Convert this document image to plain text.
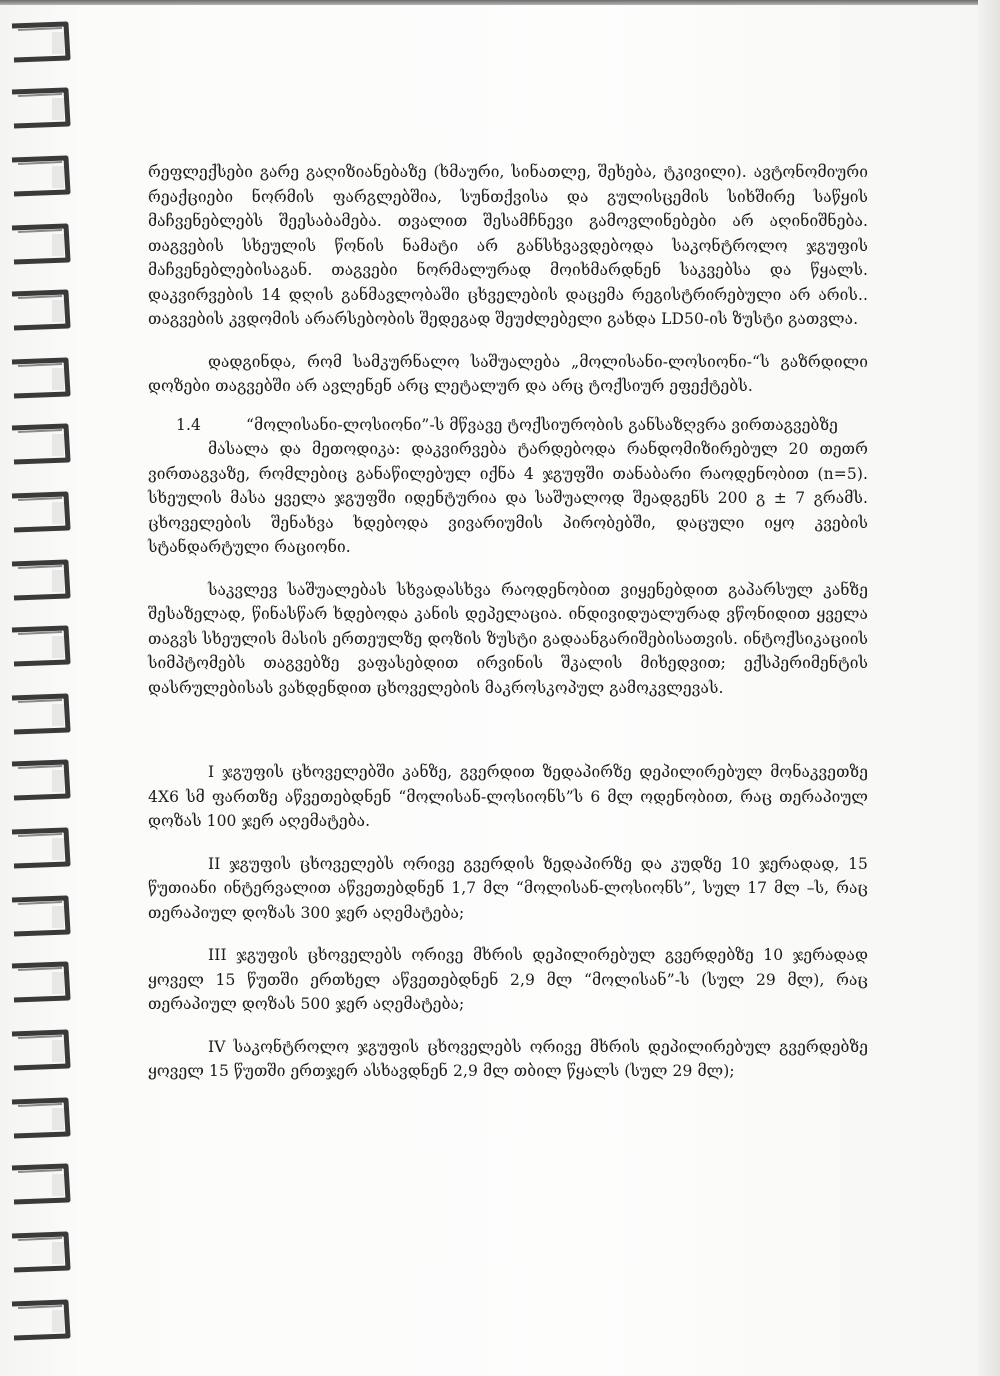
რეფლექსები გარე გაღიზიანებაზე (ხმაური, სინათლე, შეხება, ტკივილი). ავტონომიური რეაქციები ნორმის ფარგლებშია, სუნთქვისა და გულისცემის სიხშირე საწყის მაჩვენებლებს შეესაბამება. თვალით შესამჩნევი გამოვლინებები არ აღინიშნება. თაგვების სხეულის წონის ნამატი არ განსხვავდებოდა საკონტროლო ჯგუფის მაჩვენებლებისაგან. თაგვები ნორმალურად მოიხმარდნენ საკვებსა და წყალს. დაკვირვების 14 დღის განმავლობაში ცხველების დაცემა რეგისტრირებული არ არის.. თაგვების კვდომის არარსებობის შედეგად შეუძლებელი გახდა LD50-ის ზუსტი გათვლა.

დადგინდა, რომ სამკურნალო საშუალება „მოლისანი-ლოსიონი-“ს გაზრდილი დოზები თაგვებში არ ავლენენ არც ლეტალურ და არც ტოქსიურ ეფექტებს.

1.4	“მოლისანი-ლოსიონი”-ს მწვავე ტოქსიურობის განსაზღვრა ვირთაგვებზე

მასალა და მეთოდიკა: დაკვირვება ტარდებოდა რანდომიზირებულ 20 თეთრ ვირთაგვაზე, რომლებიც განაწილებულ იქნა 4 ჯგუფში თანაბარი რაოდენობით (n=5). სხეულის მასა ყველა ჯგუფში იდენტურია და საშუალოდ შეადგენს 200 გ ± 7 გრამს. ცხოველების შენახვა ხდებოდა ვივარიუმის პირობებში, დაცული იყო კვების სტანდარტული რაციონი.

საკვლევ საშუალებას სხვადასხვა რაოდენობით ვიყენებდით გაპარსულ კანზე შესაზელად, წინასწარ ხდებოდა კანის დეპელაცია. ინდივიდუალურად ვწონიდით ყველა თაგვს სხეულის მასის ერთეულზე დოზის ზუსტი გადაანგარიშებისათვის. ინტოქსიკაციის სიმპტომებს თაგვებზე ვაფასებდით ირვინის შკალის მიხედვით; ექსპერიმენტის დასრულებისას ვახდენდით ცხოველების მაკროსკოპულ გამოკვლევას.

I ჯგუფის ცხოველებში კანზე, გვერდით ზედაპირზე დეპილირებულ მონაკვეთზე 4X6 სმ ფართზე აწვეთებდნენ “მოლისან-ლოსიონს”ს 6 მლ ოდენობით, რაც თერაპიულ დოზას 100 ჯერ აღემატება.

II ჯგუფის ცხოველებს ორივე გვერდის ზედაპირზე და კუდზე 10 ჯერადად, 15 წუთიანი ინტერვალით აწვეთებდნენ 1,7 მლ “მოლისან-ლოსიონს”, სულ 17 მლ –ს, რაც თერაპიულ დოზას 300 ჯერ აღემატება;

III ჯგუფის ცხოველებს ორივე მხრის დეპილირებულ გვერდებზე 10 ჯერადად ყოველ 15 წუთში ერთხელ აწვეთებდნენ 2,9 მლ “მოლისან”-ს (სულ 29 მლ), რაც თერაპიულ დოზას 500 ჯერ აღემატება;

IV საკონტროლო ჯგუფის ცხოველებს ორივე მხრის დეპილირებულ გვერდებზე ყოველ 15 წუთში ერთჯერ ასხავდნენ 2,9 მლ თბილ წყალს (სულ 29 მლ);
